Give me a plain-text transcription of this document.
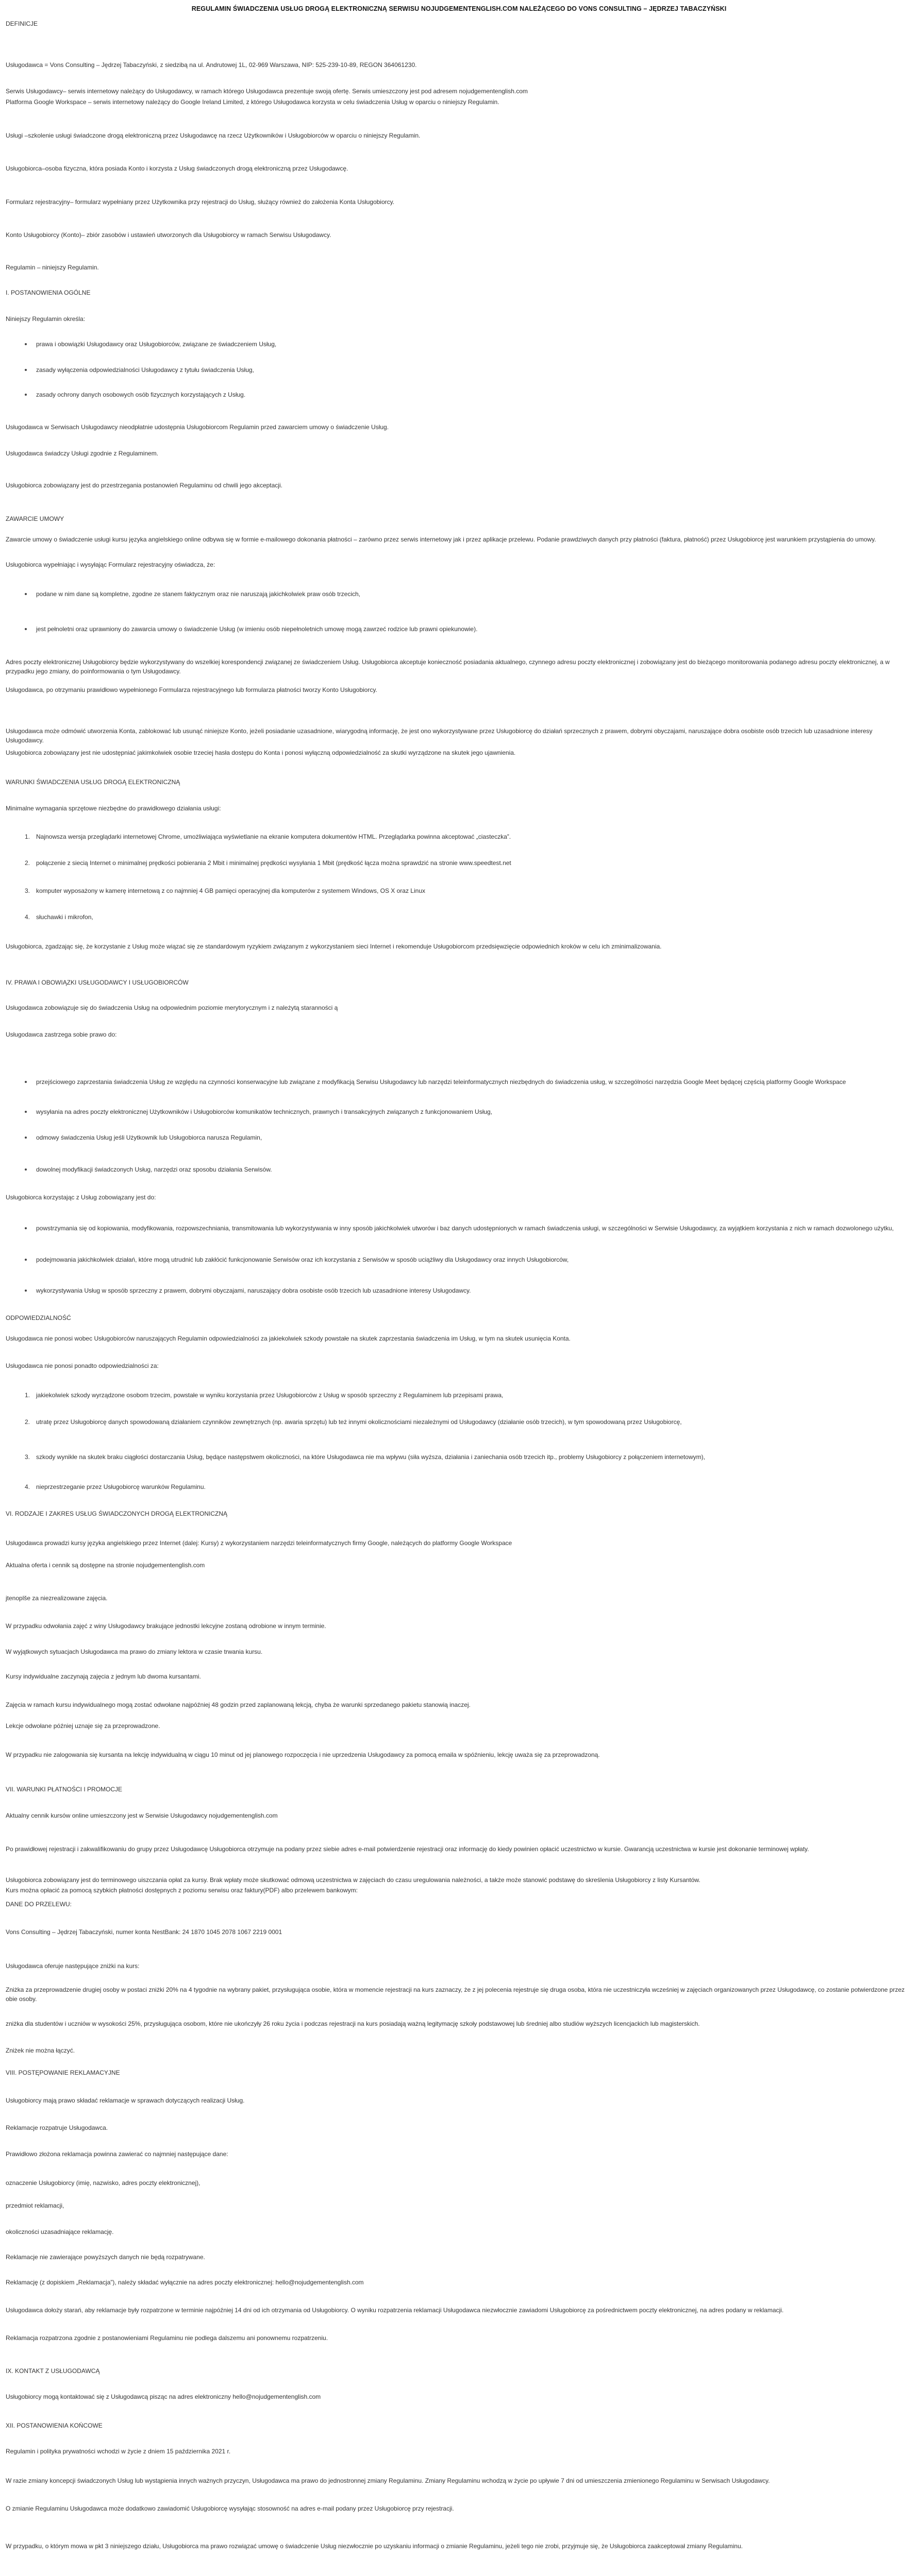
REGULAMIN ŚWIADCZENIA USŁUG DROGĄ ELEKTRONICZNĄ SERWISU NOJUDGEMENTENGLISH.COM NALEŻĄCEGO DO VONS CONSULTING – JĘDRZEJ TABACZYŃSKI
DEFINICJE
Usługodawca = Vons Consulting – Jędrzej Tabaczyński, z siedzibą na ul. Andrutowej 1L, 02-969 Warszawa, NIP: 525-239-10-89, REGON 364061230.
Serwis Usługodawcy– serwis internetowy należący do Usługodawcy, w ramach którego Usługodawca prezentuje swoją ofertę. Serwis umieszczony jest pod adresem nojudgementenglish.com
Platforma Google Workspace – serwis internetowy należący do Google Ireland Limited, z którego Usługodawca korzysta w celu świadczenia Usług w oparciu o niniejszy Regulamin.
Usługi –szkolenie usługi świadczone drogą elektroniczną przez Usługodawcę na rzecz Użytkowników i Usługobiorców w oparciu o niniejszy Regulamin.
Usługobiorca–osoba fizyczna, która posiada Konto i korzysta z Usług świadczonych drogą elektroniczną przez Usługodawcę.
Formularz rejestracyjny– formularz wypełniany przez Użytkownika przy rejestracji do Usług, służący również do założenia Konta Usługobiorcy.
Konto Usługobiorcy (Konto)– zbiór zasobów i ustawień utworzonych dla Usługobiorcy w ramach Serwisu Usługodawcy.
Regulamin – niniejszy Regulamin.
I. POSTANOWIENIA OGÓLNE
Niniejszy Regulamin określa:
prawa i obowiązki Usługodawcy oraz Usługobiorców, związane ze świadczeniem Usług,
zasady wyłączenia odpowiedzialności Usługodawcy z tytułu świadczenia Usług,
zasady ochrony danych osobowych osób fizycznych korzystających z Usług.
Usługodawca w Serwisach Usługodawcy nieodpłatnie udostępnia Usługobiorcom Regulamin przed zawarciem umowy o świadczenie Usług.
Usługodawca świadczy Usługi zgodnie z Regulaminem.
Usługobiorca zobowiązany jest do przestrzegania postanowień Regulaminu od chwili jego akceptacji.
ZAWARCIE UMOWY
Zawarcie umowy o świadczenie usługi kursu języka angielskiego online odbywa się w formie e-mailowego dokonania płatności – zarówno przez serwis internetowy jak i przez aplikacje przelewu. Podanie prawdziwych danych przy płatności (faktura, płatność) przez Usługobiorcę jest warunkiem przystąpienia do umowy.
Usługobiorca wypełniając i wysyłając Formularz rejestracyjny oświadcza, że:
podane w nim dane są kompletne, zgodne ze stanem faktycznym oraz nie naruszają jakichkolwiek praw osób trzecich,
jest pełnoletni oraz uprawniony do zawarcia umowy o świadczenie Usług (w imieniu osób niepełnoletnich umowę mogą zawrzeć rodzice lub prawni opiekunowie).
Adres poczty elektronicznej Usługobiorcy będzie wykorzystywany do wszelkiej korespondencji związanej ze świadczeniem Usług. Usługobiorca akceptuje konieczność posiadania aktualnego, czynnego adresu poczty elektronicznej i zobowiązany jest do bieżącego monitorowania podanego adresu poczty elektronicznej, a w przypadku jego zmiany, do poinformowania o tym Usługodawcy.
Usługodawca, po otrzymaniu prawidłowo wypełnionego Formularza rejestracyjnego lub formularza płatności tworzy Konto Usługobiorcy.
Usługodawca może odmówić utworzenia Konta, zablokować lub usunąć niniejsze Konto, jeżeli posiadanie uzasadnione, wiarygodną informację, że jest ono wykorzystywane przez Usługobiorcę do działań sprzecznych z prawem, dobrymi obyczajami, naruszające dobra osobiste osób trzecich lub uzasadnione interesy Usługodawcy.
Usługobiorca zobowiązany jest nie udostępniać jakimkolwiek osobie trzeciej hasła dostępu do Konta i ponosi wyłączną odpowiedzialność za skutki wyrządzone na skutek jego ujawnienia.
WARUNKI ŚWIADCZENIA USŁUG DROGĄ ELEKTRONICZNĄ
Minimalne wymagania sprzętowe niezbędne do prawidłowego działania usługi:
1. Najnowsza wersja przeglądarki internetowej Chrome, umożliwiająca wyświetlanie na ekranie komputera dokumentów HTML. Przeglądarka powinna akceptować „ciasteczka”.
2. połączenie z siecią Internet o minimalnej prędkości pobierania 2 Mbit i minimalnej prędkości wysyłania 1 Mbit (prędkość łącza można sprawdzić na stronie www.speedtest.net
3. komputer wyposażony w kamerę internetową z co najmniej 4 GB pamięci operacyjnej dla komputerów z systemem Windows, OS X oraz Linux
4. słuchawki i mikrofon,
Usługobiorca, zgadzając się, że korzystanie z Usług może wiązać się ze standardowym ryzykiem związanym z wykorzystaniem sieci Internet i rekomenduje Usługobiorcom przedsięwzięcie odpowiednich kroków w celu ich zminimalizowania.
IV. PRAWA I OBOWIĄZKI USŁUGODAWCY I USŁUGOBIORCÓW
Usługodawca zobowiązuje się do świadczenia Usług na odpowiednim poziomie merytorycznym i z należytą staranności ą
Usługodawca zastrzega sobie prawo do:
przejściowego zaprzestania świadczenia Usług ze względu na czynności konserwacyjne lub związane z modyfikacją Serwisu Usługodawcy lub narzędzi teleinformatycznych niezbędnych do świadczenia usług, w szczególności narzędzia Google Meet będącej częścią platformy Google Workspace
wysyłania na adres poczty elektronicznej Użytkowników i Usługobiorców komunikatów technicznych, prawnych i transakcyjnych związanych z funkcjonowaniem Usług,
odmowy świadczenia Usług jeśli Użytkownik lub Usługobiorca narusza Regulamin,
dowolnej modyfikacji świadczonych Usług, narzędzi oraz sposobu działania Serwisów.
Usługobiorca korzystając z Usług zobowiązany jest do:
powstrzymania się od kopiowania, modyfikowania, rozpowszechniania, transmitowania lub wykorzystywania w inny sposób jakichkolwiek utworów i baz danych udostępnionych w ramach świadczenia usługi, w szczególności w Serwisie Usługodawcy, za wyjątkiem korzystania z nich w ramach dozwolonego użytku,
podejmowania jakichkolwiek działań, które mogą utrudnić lub zakłócić funkcjonowanie Serwisów oraz ich korzystania z Serwisów w sposób uciążliwy dla Usługodawcy oraz innych Usługobiorców,
wykorzystywania Usług w sposób sprzeczny z prawem, dobrymi obyczajami, naruszający dobra osobiste osób trzecich lub uzasadnione interesy Usługodawcy.
ODPOWIEDZIALNOŚĆ
Usługodawca nie ponosi wobec Usługobiorców naruszających Regulamin odpowiedzialności za jakiekolwiek szkody powstałe na skutek zaprzestania świadczenia im Usług, w tym na skutek usunięcia Konta.
Usługodawca nie ponosi ponadto odpowiedzialności za:
1. jakiekolwiek szkody wyrządzone osobom trzecim, powstałe w wyniku korzystania przez Usługobiorców z Usług w sposób sprzeczny z Regulaminem lub przepisami prawa,
2. utratę przez Usługobiorcę danych spowodowaną działaniem czynników zewnętrznych (np. awaria sprzętu) lub też innymi okolicznościami niezależnymi od Usługodawcy (działanie osób trzecich), w tym spowodowaną przez Usługobiorcę,
3. szkody wynikłe na skutek braku ciągłości dostarczania Usług, będące następstwem okoliczności, na które Usługodawca nie ma wpływu (siła wyższa, działania i zaniechania osób trzecich itp., problemy Usługobiorcy z połączeniem internetowym),
4. nieprzestrzeganie przez Usługobiorcę warunków Regulaminu.
VI. RODZAJE I ZAKRES USŁUG ŚWIADCZONYCH DROGĄ ELEKTRONICZNĄ
Usługodawca prowadzi kursy języka angielskiego przez Internet (dalej: Kursy) z wykorzystaniem narzędzi teleinformatycznych firmy Google, należących do platformy Google Workspace
Aktualna oferta i cennik są dostępne na stronie nojudgementenglish.com
jtenoplše za niezrealizowane zajęcia.
W przypadku odwołania zajęć z winy Usługodawcy brakujące jednostki lekcyjne zostaną odrobione w innym terminie.
W wyjątkowych sytuacjach Usługodawca ma prawo do zmiany lektora w czasie trwania kursu.
Kursy indywidualne zaczynają zajęcia z jednym lub dwoma kursantami.
Zajęcia w ramach kursu indywidualnego mogą zostać odwołane najpóźniej 48 godzin przed zaplanowaną lekcją, chyba że warunki sprzedanego pakietu stanowią inaczej.
Lekcje odwołane później uznaje się za przeprowadzone.
W przypadku nie zalogowania się kursanta na lekcję indywidualną w ciągu 10 minut od jej planowego rozpoczęcia i nie uprzedzenia Usługodawcy za pomocą emaila w spóźnieniu, lekcję uważa się za przeprowadzoną.
VII. WARUNKI PŁATNOŚCI I PROMOCJE
Aktualny cennik kursów online umieszczony jest w Serwisie Usługodawcy nojudgementenglish.com
Po prawidłowej rejestracji i zakwalifikowaniu do grupy przez Usługodawcę Usługobiorca otrzymuje na podany przez siebie adres e-mail potwierdzenie rejestracji oraz informację do kiedy powinien opłacić uczestnictwo w kursie. Gwarancją uczestnictwa w kursie jest dokonanie terminowej wpłaty.
Usługobiorca zobowiązany jest do terminowego uiszczania opłat za kursy. Brak wpłaty może skutkować odmową uczestnictwa w zajęciach do czasu uregulowania należności, a także może stanowić podstawę do skreślenia Usługobiorcy z listy Kursantów.
Kurs można opłacić za pomocą szybkich płatności dostępnych z poziomu serwisu oraz faktury(PDF) albo przelewem bankowym:
DANE DO PRZELEWU:
Vons Consulting – Jędrzej Tabaczyński, numer konta NestBank: 24 1870 1045 2078 1067 2219 0001
Usługodawca oferuje następujące zniżki na kurs:
Zniżka za przeprowadzenie drugiej osoby w postaci zniżki 20% na 4 tygodnie na wybrany pakiet, przysługująca osobie, która w momencie rejestracji na kurs zaznaczy, że z jej polecenia rejestruje się druga osoba, która nie uczestniczyła wcześniej w zajęciach organizowanych przez Usługodawcę, co zostanie potwierdzone przez obie osoby.
zniżka dla studentów i uczniów w wysokości 25%, przysługująca osobom, które nie ukończyły 26 roku życia i podczas rejestracji na kurs posiadają ważną legitymację szkoły podstawowej lub średniej albo studiów wyższych licencjackich lub magisterskich.
Zniżek nie można łączyć.
VIII. POSTĘPOWANIE REKLAMACYJNE
Usługobiorcy mają prawo składać reklamacje w sprawach dotyczących realizacji Usług.
Reklamacje rozpatruje Usługodawca.
Prawidłowo złożona reklamacja powinna zawierać co najmniej następujące dane:
oznaczenie Usługobiorcy (imię, nazwisko, adres poczty elektronicznej),
przedmiot reklamacji,
okoliczności uzasadniające reklamację.
Reklamacje nie zawierające powyższych danych nie będą rozpatrywane.
Reklamację (z dopiskiem „Reklamacja”), należy składać wyłącznie na adres poczty elektronicznej: hello@nojudgementenglish.com
Usługodawca dołoży starań, aby reklamacje były rozpatrzone w terminie najpóźniej 14 dni od ich otrzymania od Usługobiorcy. O wyniku rozpatrzenia reklamacji Usługodawca niezwłocznie zawiadomi Usługobiorcę za pośrednictwem poczty elektronicznej, na adres podany w reklamacji.
Reklamacja rozpatrzona zgodnie z postanowieniami Regulaminu nie podlega dalszemu ani ponownemu rozpatrzeniu.
IX. KONTAKT Z USŁUGODAWCĄ
Usługobiorcy mogą kontaktować się z Usługodawcą pisząc na adres elektroniczny hello@nojudgementenglish.com
XII. POSTANOWIENIA KOŃCOWE
Regulamin i polityka prywatności wchodzi w życie z dniem 15 października 2021 r.
W razie zmiany koncepcji świadczonych Usług lub wystąpienia innych ważnych przyczyn, Usługodawca ma prawo do jednostronnej zmiany Regulaminu. Zmiany Regulaminu wchodzą w życie po upływie 7 dni od umieszczenia zmienionego Regulaminu w Serwisach Usługodawcy.
O zmianie Regulaminu Usługodawca może dodatkowo zawiadomić Usługobiorcę wysyłając stosowność na adres e-mail podany przez Usługobiorcę przy rejestracji.
W przypadku, o którym mowa w pkt 3 niniejszego działu, Usługobiorca ma prawo rozwiązać umowę o świadczenie Usług niezwłocznie po uzyskaniu informacji o zmianie Regulaminu, jeżeli tego nie zrobi, przyjmuje się, że Usługobiorca zaakceptował zmiany Regulaminu.
